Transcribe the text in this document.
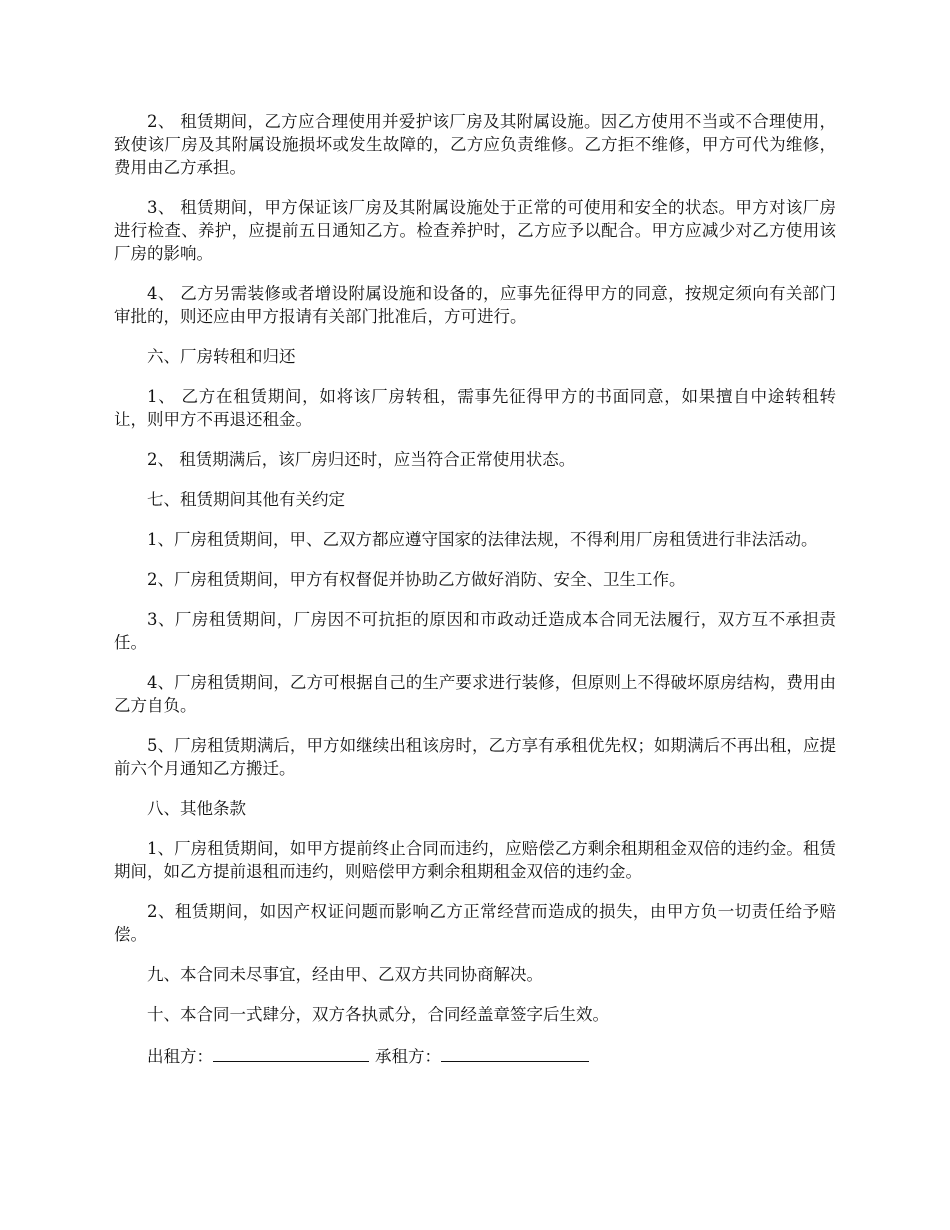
2、 租赁期间，乙方应合理使用并爱护该厂房及其附属设施。因乙方使用不当或不合理使用，致使该厂房及其附属设施损坏或发生故障的，乙方应负责维修。乙方拒不维修，甲方可代为维修，费用由乙方承担。

3、 租赁期间，甲方保证该厂房及其附属设施处于正常的可使用和安全的状态。甲方对该厂房进行检查、养护，应提前五日通知乙方。检查养护时，乙方应予以配合。甲方应减少对乙方使用该厂房的影响。

4、 乙方另需装修或者增设附属设施和设备的，应事先征得甲方的同意，按规定须向有关部门审批的，则还应由甲方报请有关部门批准后，方可进行。

六、厂房转租和归还

1、 乙方在租赁期间，如将该厂房转租，需事先征得甲方的书面同意，如果擅自中途转租转让，则甲方不再退还租金。

2、 租赁期满后，该厂房归还时，应当符合正常使用状态。

七、租赁期间其他有关约定

1、厂房租赁期间，甲、乙双方都应遵守国家的法律法规，不得利用厂房租赁进行非法活动。

2、厂房租赁期间，甲方有权督促并协助乙方做好消防、安全、卫生工作。

3、厂房租赁期间，厂房因不可抗拒的原因和市政动迁造成本合同无法履行，双方互不承担责任。

4、厂房租赁期间，乙方可根据自己的生产要求进行装修，但原则上不得破坏原房结构，费用由乙方自负。

5、厂房租赁期满后，甲方如继续出租该房时，乙方享有承租优先权；如期满后不再出租，应提前六个月通知乙方搬迁。

八、其他条款

1、厂房租赁期间，如甲方提前终止合同而违约，应赔偿乙方剩余租期租金双倍的违约金。租赁期间，如乙方提前退租而违约，则赔偿甲方剩余租期租金双倍的违约金。

2、租赁期间，如因产权证问题而影响乙方正常经营而造成的损失，由甲方负一切责任给予赔偿。

九、本合同未尽事宜，经由甲、乙双方共同协商解决。

十、本合同一式肆分，双方各执贰分，合同经盖章签字后生效。

出租方：	承租方：
